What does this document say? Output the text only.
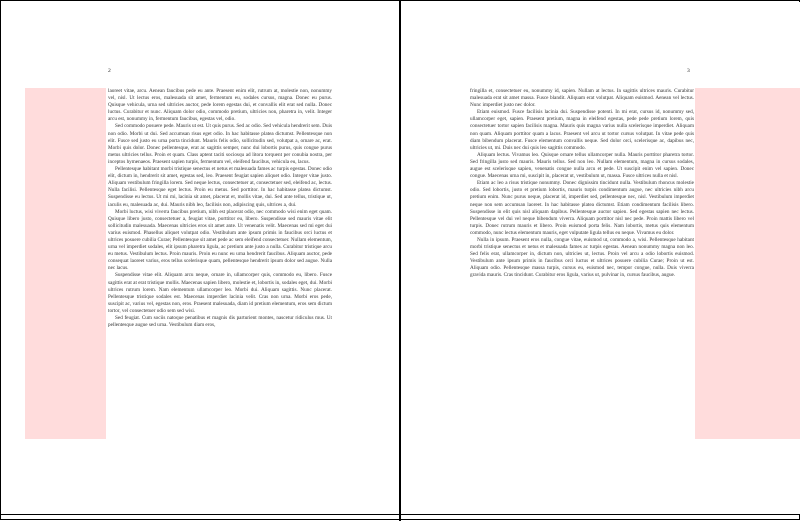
2

laoreet vitae, arcu. Aenean faucibus pede eu ante. Praesent enim elit, rutrum at, molestie non, nonummy vel, nisl. Ut lectus eros, malesuada sit amet, fermentum eu, sodales cursus, magna. Donec eu purus. Quisque vehicula, urna sed ultricies auctor, pede lorem egestas dui, et convallis elit erat sed nulla. Donec luctus. Curabitur et nunc. Aliquam dolor odio, commodo pretium, ultricies non, pharetra in, velit. Integer arcu est, nonummy in, fermentum faucibus, egestas vel, odio.

Sed commodo posuere pede. Mauris ut est. Ut quis purus. Sed ac odio. Sed vehicula hendrerit sem. Duis non odio. Morbi ut dui. Sed accumsan risus eget odio. In hac habitasse platea dictumst. Pellentesque non elit. Fusce sed justo eu urna porta tincidunt. Mauris felis odio, sollicitudin sed, volutpat a, ornare ac, erat. Morbi quis dolor. Donec pellentesque, erat ac sagittis semper, nunc dui lobortis purus, quis congue purus metus ultricies tellus. Proin et quam. Class aptent taciti sociosqu ad litora torquent per conubia nostra, per inceptos hymenaeos. Praesent sapien turpis, fermentum vel, eleifend faucibus, vehicula eu, lacus.

Pellentesque habitant morbi tristique senectus et netus et malesuada fames ac turpis egestas. Donec odio elit, dictum in, hendrerit sit amet, egestas sed, leo. Praesent feugiat sapien aliquet odio. Integer vitae justo. Aliquam vestibulum fringilla lorem. Sed neque lectus, consectetuer at, consectetuer sed, eleifend ac, lectus. Nulla facilisi. Pellentesque eget lectus. Proin eu metus. Sed porttitor. In hac habitasse platea dictumst. Suspendisse eu lectus. Ut mi mi, lacinia sit amet, placerat et, mollis vitae, dui. Sed ante tellus, tristique ut, iaculis eu, malesuada ac, dui. Mauris nibh leo, facilisis non, adipiscing quis, ultrices a, dui.

Morbi luctus, wisi viverra faucibus pretium, nibh est placerat odio, nec commodo wisi enim eget quam. Quisque libero justo, consectetuer a, feugiat vitae, porttitor eu, libero. Suspendisse sed mauris vitae elit sollicitudin malesuada. Maecenas ultricies eros sit amet ante. Ut venenatis velit. Maecenas sed mi eget dui varius euismod. Phasellus aliquet volutpat odio. Vestibulum ante ipsum primis in faucibus orci luctus et ultrices posuere cubilia Curae; Pellentesque sit amet pede ac sem eleifend consectetuer. Nullam elementum, urna vel imperdiet sodales, elit ipsum pharetra ligula, ac pretium ante justo a nulla. Curabitur tristique arcu eu metus. Vestibulum lectus. Proin mauris. Proin eu nunc eu urna hendrerit faucibus. Aliquam auctor, pede consequat laoreet varius, eros tellus scelerisque quam, pellentesque hendrerit ipsum dolor sed augue. Nulla nec lacus.

Suspendisse vitae elit. Aliquam arcu neque, ornare in, ullamcorper quis, commodo eu, libero. Fusce sagittis erat at erat tristique mollis. Maecenas sapien libero, molestie et, lobortis in, sodales eget, dui. Morbi ultrices rutrum lorem. Nam elementum ullamcorper leo. Morbi dui. Aliquam sagittis. Nunc placerat. Pellentesque tristique sodales est. Maecenas imperdiet lacinia velit. Cras non urna. Morbi eros pede, suscipit ac, varius vel, egestas non, eros. Praesent malesuada, diam id pretium elementum, eros sem dictum tortor, vel consectetuer odio sem sed wisi.

Sed feugiat. Cum sociis natoque penatibus et magnis dis parturient montes, nascetur ridiculus mus. Ut pellentesque augue sed urna. Vestibulum diam eros,

3

fringilla et, consectetuer eu, nonummy id, sapien. Nullam at lectus. In sagittis ultrices mauris. Curabitur malesuada erat sit amet massa. Fusce blandit. Aliquam erat volutpat. Aliquam euismod. Aenean vel lectus. Nunc imperdiet justo nec dolor.

Etiam euismod. Fusce facilisis lacinia dui. Suspendisse potenti. In mi erat, cursus id, nonummy sed, ullamcorper eget, sapien. Praesent pretium, magna in eleifend egestas, pede pede pretium lorem, quis consectetuer tortor sapien facilisis magna. Mauris quis magna varius nulla scelerisque imperdiet. Aliquam non quam. Aliquam porttitor quam a lacus. Praesent vel arcu ut tortor cursus volutpat. In vitae pede quis diam bibendum placerat. Fusce elementum convallis neque. Sed dolor orci, scelerisque ac, dapibus nec, ultricies ut, mi. Duis nec dui quis leo sagittis commodo.

Aliquam lectus. Vivamus leo. Quisque ornare tellus ullamcorper nulla. Mauris porttitor pharetra tortor. Sed fringilla justo sed mauris. Mauris tellus. Sed non leo. Nullam elementum, magna in cursus sodales, augue est scelerisque sapien, venenatis congue nulla arcu et pede. Ut suscipit enim vel sapien. Donec congue. Maecenas urna mi, suscipit in, placerat ut, vestibulum ut, massa. Fusce ultrices nulla et nisl.

Etiam ac leo a risus tristique nonummy. Donec dignissim tincidunt nulla. Vestibulum rhoncus molestie odio. Sed lobortis, justo et pretium lobortis, mauris turpis condimentum augue, nec ultricies nibh arcu pretium enim. Nunc purus neque, placerat id, imperdiet sed, pellentesque nec, nisl. Vestibulum imperdiet neque non sem accumsan laoreet. In hac habitasse platea dictumst. Etiam condimentum facilisis libero. Suspendisse in elit quis nisl aliquam dapibus. Pellentesque auctor sapien. Sed egestas sapien nec lectus. Pellentesque vel dui vel neque bibendum viverra. Aliquam porttitor nisl nec pede. Proin mattis libero vel turpis. Donec rutrum mauris et libero. Proin euismod porta felis. Nam lobortis, metus quis elementum commodo, nunc lectus elementum mauris, eget vulputate ligula tellus eu neque. Vivamus eu dolor.

Nulla in ipsum. Praesent eros nulla, congue vitae, euismod ut, commodo a, wisi. Pellentesque habitant morbi tristique senectus et netus et malesuada fames ac turpis egestas. Aenean nonummy magna non leo. Sed felis erat, ullamcorper in, dictum non, ultricies ut, lectus. Proin vel arcu a odio lobortis euismod. Vestibulum ante ipsum primis in faucibus orci luctus et ultrices posuere cubilia Curae; Proin ut est. Aliquam odio. Pellentesque massa turpis, cursus eu, euismod nec, tempor congue, nulla. Duis viverra gravida mauris. Cras tincidunt. Curabitur eros ligula, varius ut, pulvinar in, cursus faucibus, augue.
